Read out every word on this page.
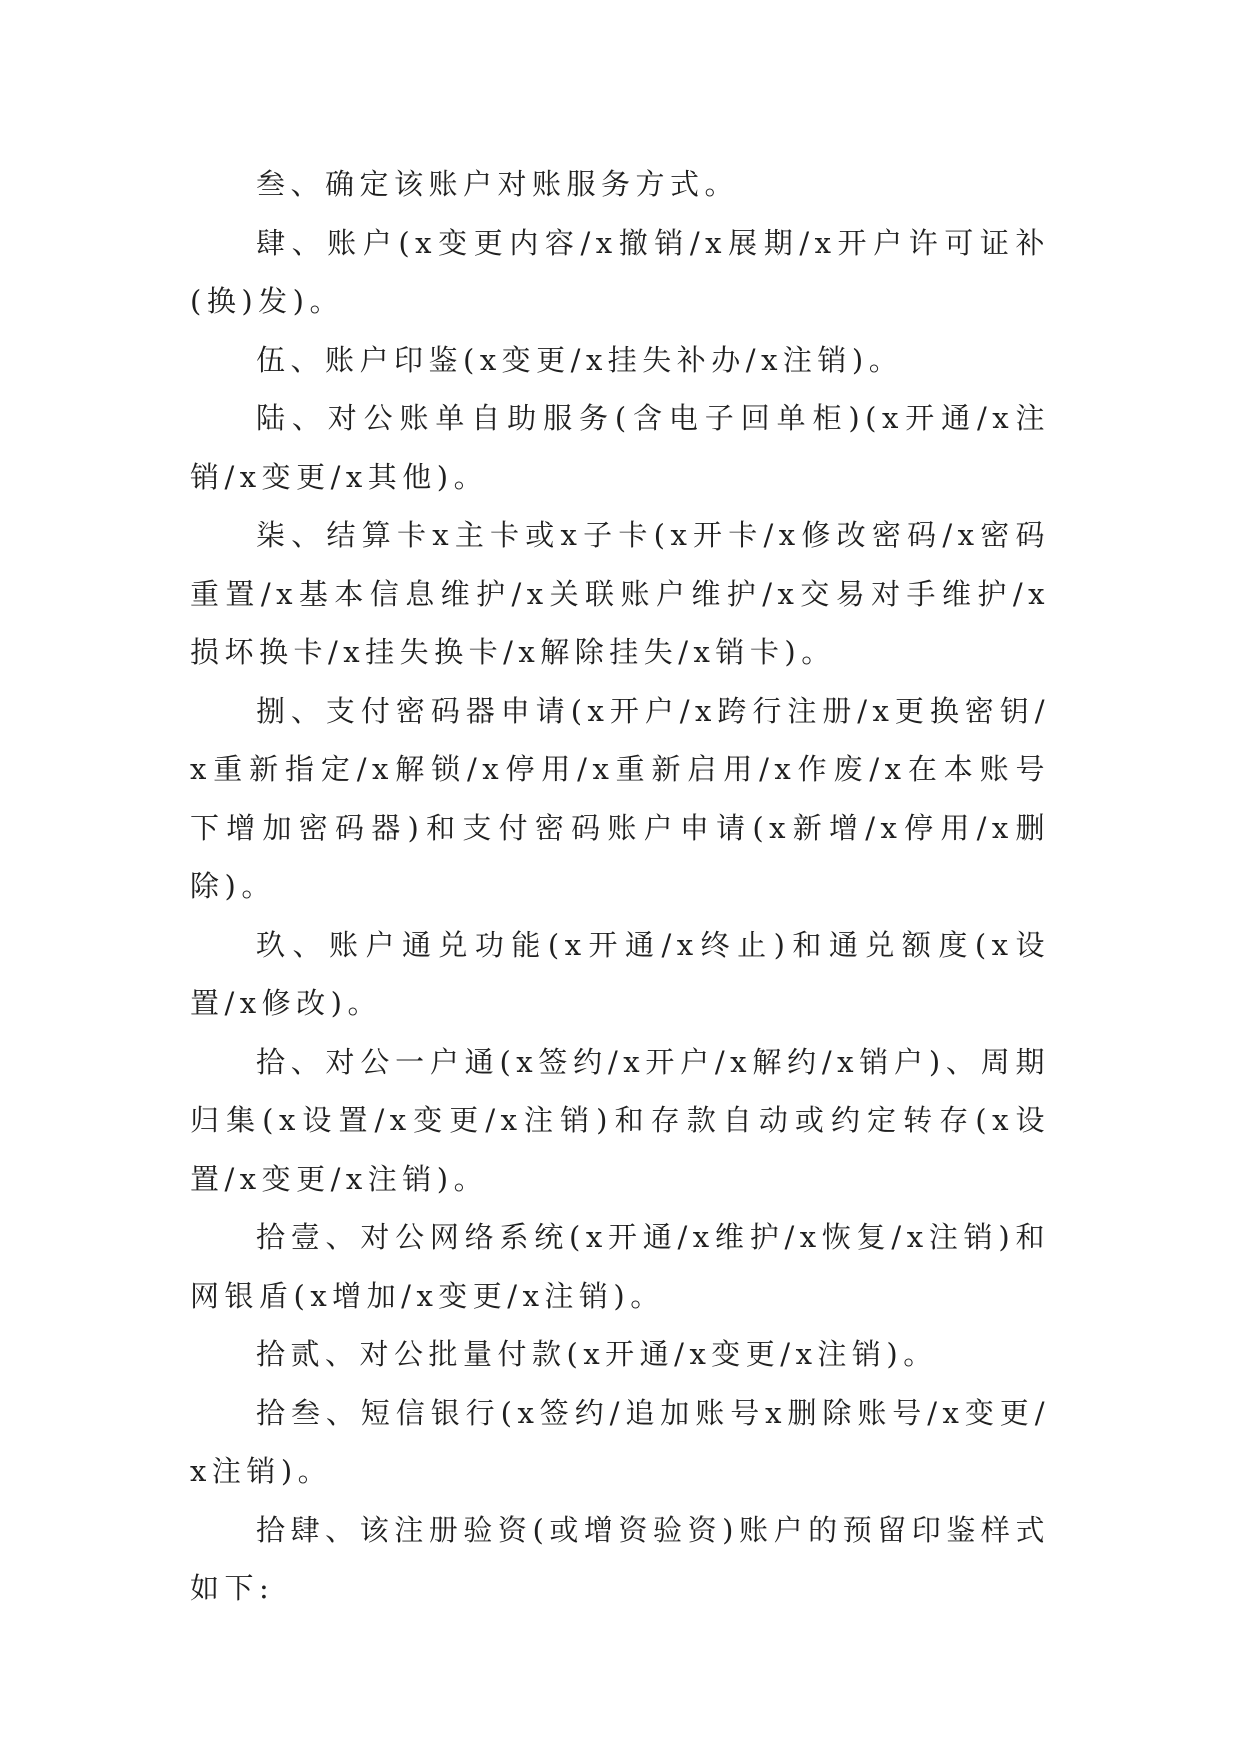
叁、确定该账户对账服务方式。

肆、账户(x变更内容/x撤销/x展期/x开户许可证补(换)发)。

伍、账户印鉴(x变更/x挂失补办/x注销)。

陆、对公账单自助服务(含电子回单柜)(x开通/x注销/x变更/x其他)。

柒、结算卡x主卡或x子卡(x开卡/x修改密码/x密码重置/x基本信息维护/x关联账户维护/x交易对手维护/x损坏换卡/x挂失换卡/x解除挂失/x销卡)。

捌、支付密码器申请(x开户/x跨行注册/x更换密钥/x重新指定/x解锁/x停用/x重新启用/x作废/x在本账号下增加密码器)和支付密码账户申请(x新增/x停用/x删除)。

玖、账户通兑功能(x开通/x终止)和通兑额度(x设置/x修改)。

拾、对公一户通(x签约/x开户/x解约/x销户)、周期归集(x设置/x变更/x注销)和存款自动或约定转存(x设置/x变更/x注销)。

拾壹、对公网络系统(x开通/x维护/x恢复/x注销)和网银盾(x增加/x变更/x注销)。

拾贰、对公批量付款(x开通/x变更/x注销)。

拾叁、短信银行(x签约/追加账号x删除账号/x变更/x注销)。

拾肆、该注册验资(或增资验资)账户的预留印鉴样式如下:
